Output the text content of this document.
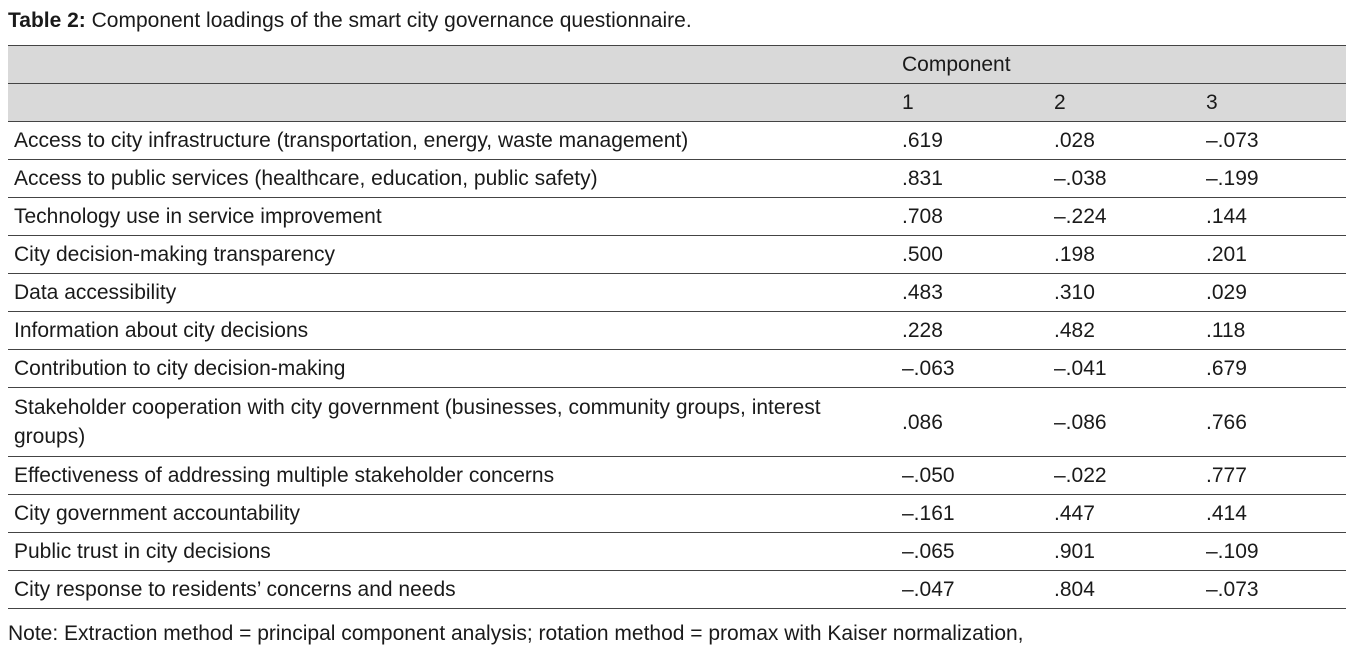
Table 2: Component loadings of the smart city governance questionnaire.
	Component		
	1	2	3
Access to city infrastructure (transportation, energy, waste management)	.619	.028	–.073
Access to public services (healthcare, education, public safety)	.831	–.038	–.199
Technology use in service improvement	.708	–.224	.144
City decision-making transparency	.500	.198	.201
Data accessibility	.483	.310	.029
Information about city decisions	.228	.482	.118
Contribution to city decision-making	–.063	–.041	.679
Stakeholder cooperation with city government (businesses, community groups, interest groups)	.086	–.086	.766
Effectiveness of addressing multiple stakeholder concerns	–.050	–.022	.777
City government accountability	–.161	.447	.414
Public trust in city decisions	–.065	.901	–.109
City response to residents’ concerns and needs	–.047	.804	–.073
Note: Extraction method = principal component analysis; rotation method = promax with Kaiser normalization,
